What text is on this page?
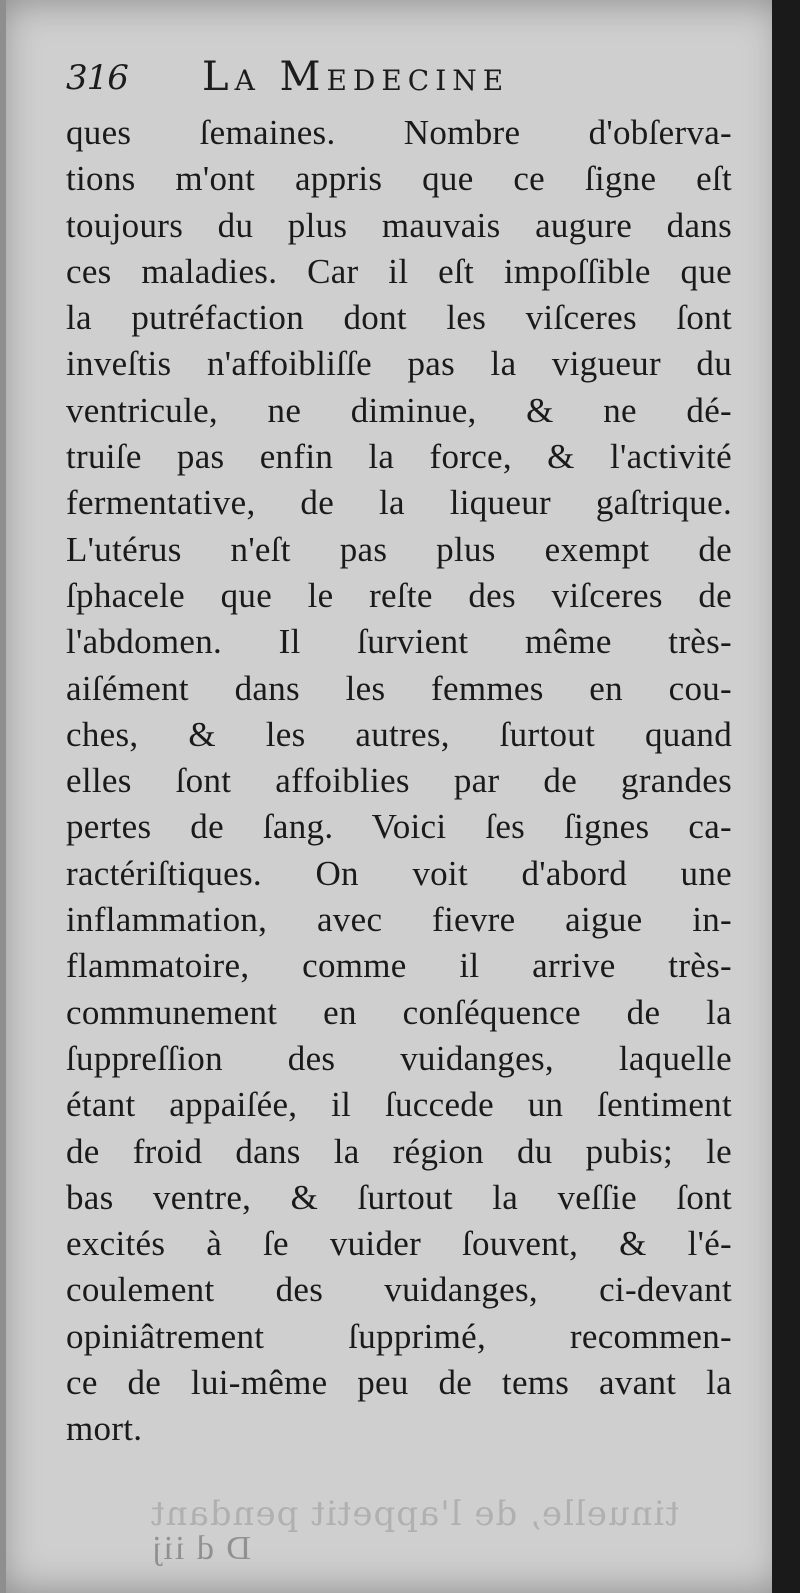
316 La Medecine
ques ſemaines. Nombre d'obſerva-
tions m'ont appris que ce ſigne eſt
toujours du plus mauvais augure dans
ces maladies. Car il eſt impoſſible que
la putréfaction dont les viſceres ſont
inveſtis n'affoibliſſe pas la vigueur du
ventricule, ne diminue, & ne dé-
truiſe pas enfin la force, & l'activité
fermentative, de la liqueur gaſtrique.
L'utérus n'eſt pas plus exempt de
ſphacele que le reſte des viſceres de
l'abdomen. Il ſurvient même très-
aiſément dans les femmes en cou-
ches, & les autres, ſurtout quand
elles ſont affoiblies par de grandes
pertes de ſang. Voici ſes ſignes ca-
ractériſtiques. On voit d'abord une
inflammation, avec fievre aigue in-
flammatoire, comme il arrive très-
communement en conſéquence de la
ſuppreſſion des vuidanges, laquelle
étant appaiſée, il ſuccede un ſentiment
de froid dans la région du pubis; le
bas ventre, & ſurtout la veſſie ſont
excités à ſe vuider ſouvent, & l'é-
coulement des vuidanges, ci-devant
opiniâtrement ſupprimé, recommen-
ce de lui-même peu de tems avant la
mort.
tinuelle, de l'appetit pendant
D d iij
